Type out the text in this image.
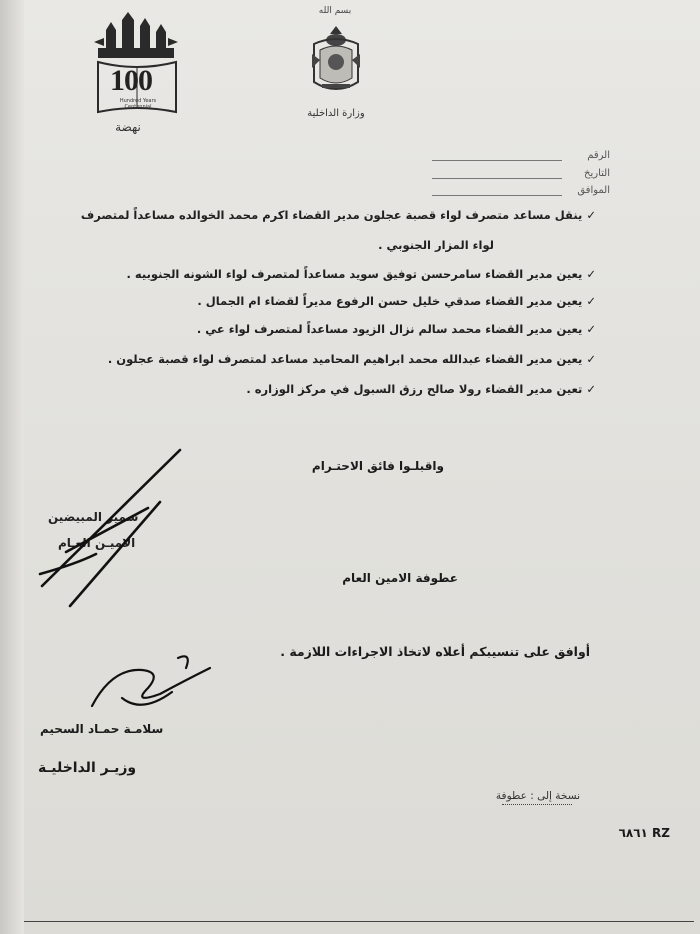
100
Hundred Years Centennial
نهضة
بسم الله
وزارة الداخلية
الرقم
التاريخ
الموافق
✓ينقل مساعد متصرف لواء قصبة عجلون مدير القضاء اكرم محمد الخوالده مساعداً لمتصرف
لواء المزار الجنوبي .
✓يعين مدير القضاء سامرحسن توفيق سويد مساعداً لمتصرف لواء الشونه الجنوبيه .
✓يعين مدير القضاء صدقي خليل حسن الرفوع مديراً لقضاء ام الجمال .
✓يعين مدير القضاء محمد سالم نزال الزيود مساعداً لمتصرف لواء عي .
✓يعين مدير القضاء عبدالله محمد ابراهيم المحاميد مساعد لمتصرف لواء قصبة عجلون .
✓تعين مدير القضاء رولا صالح رزق السبول في مركز الوزاره .
واقبلـوا فائق الاحتـرام
سمير المبيضين
الاميـن العـام
عطوفة الامين العام
أوافق على تنسيبكم أعلاه لاتخاذ الاجراءات اللازمة .
سلامـة حمـاد السحيم
وزيـر الداخليـة
نسخة إلى : عطوفة
٦٨٦١ RZ
